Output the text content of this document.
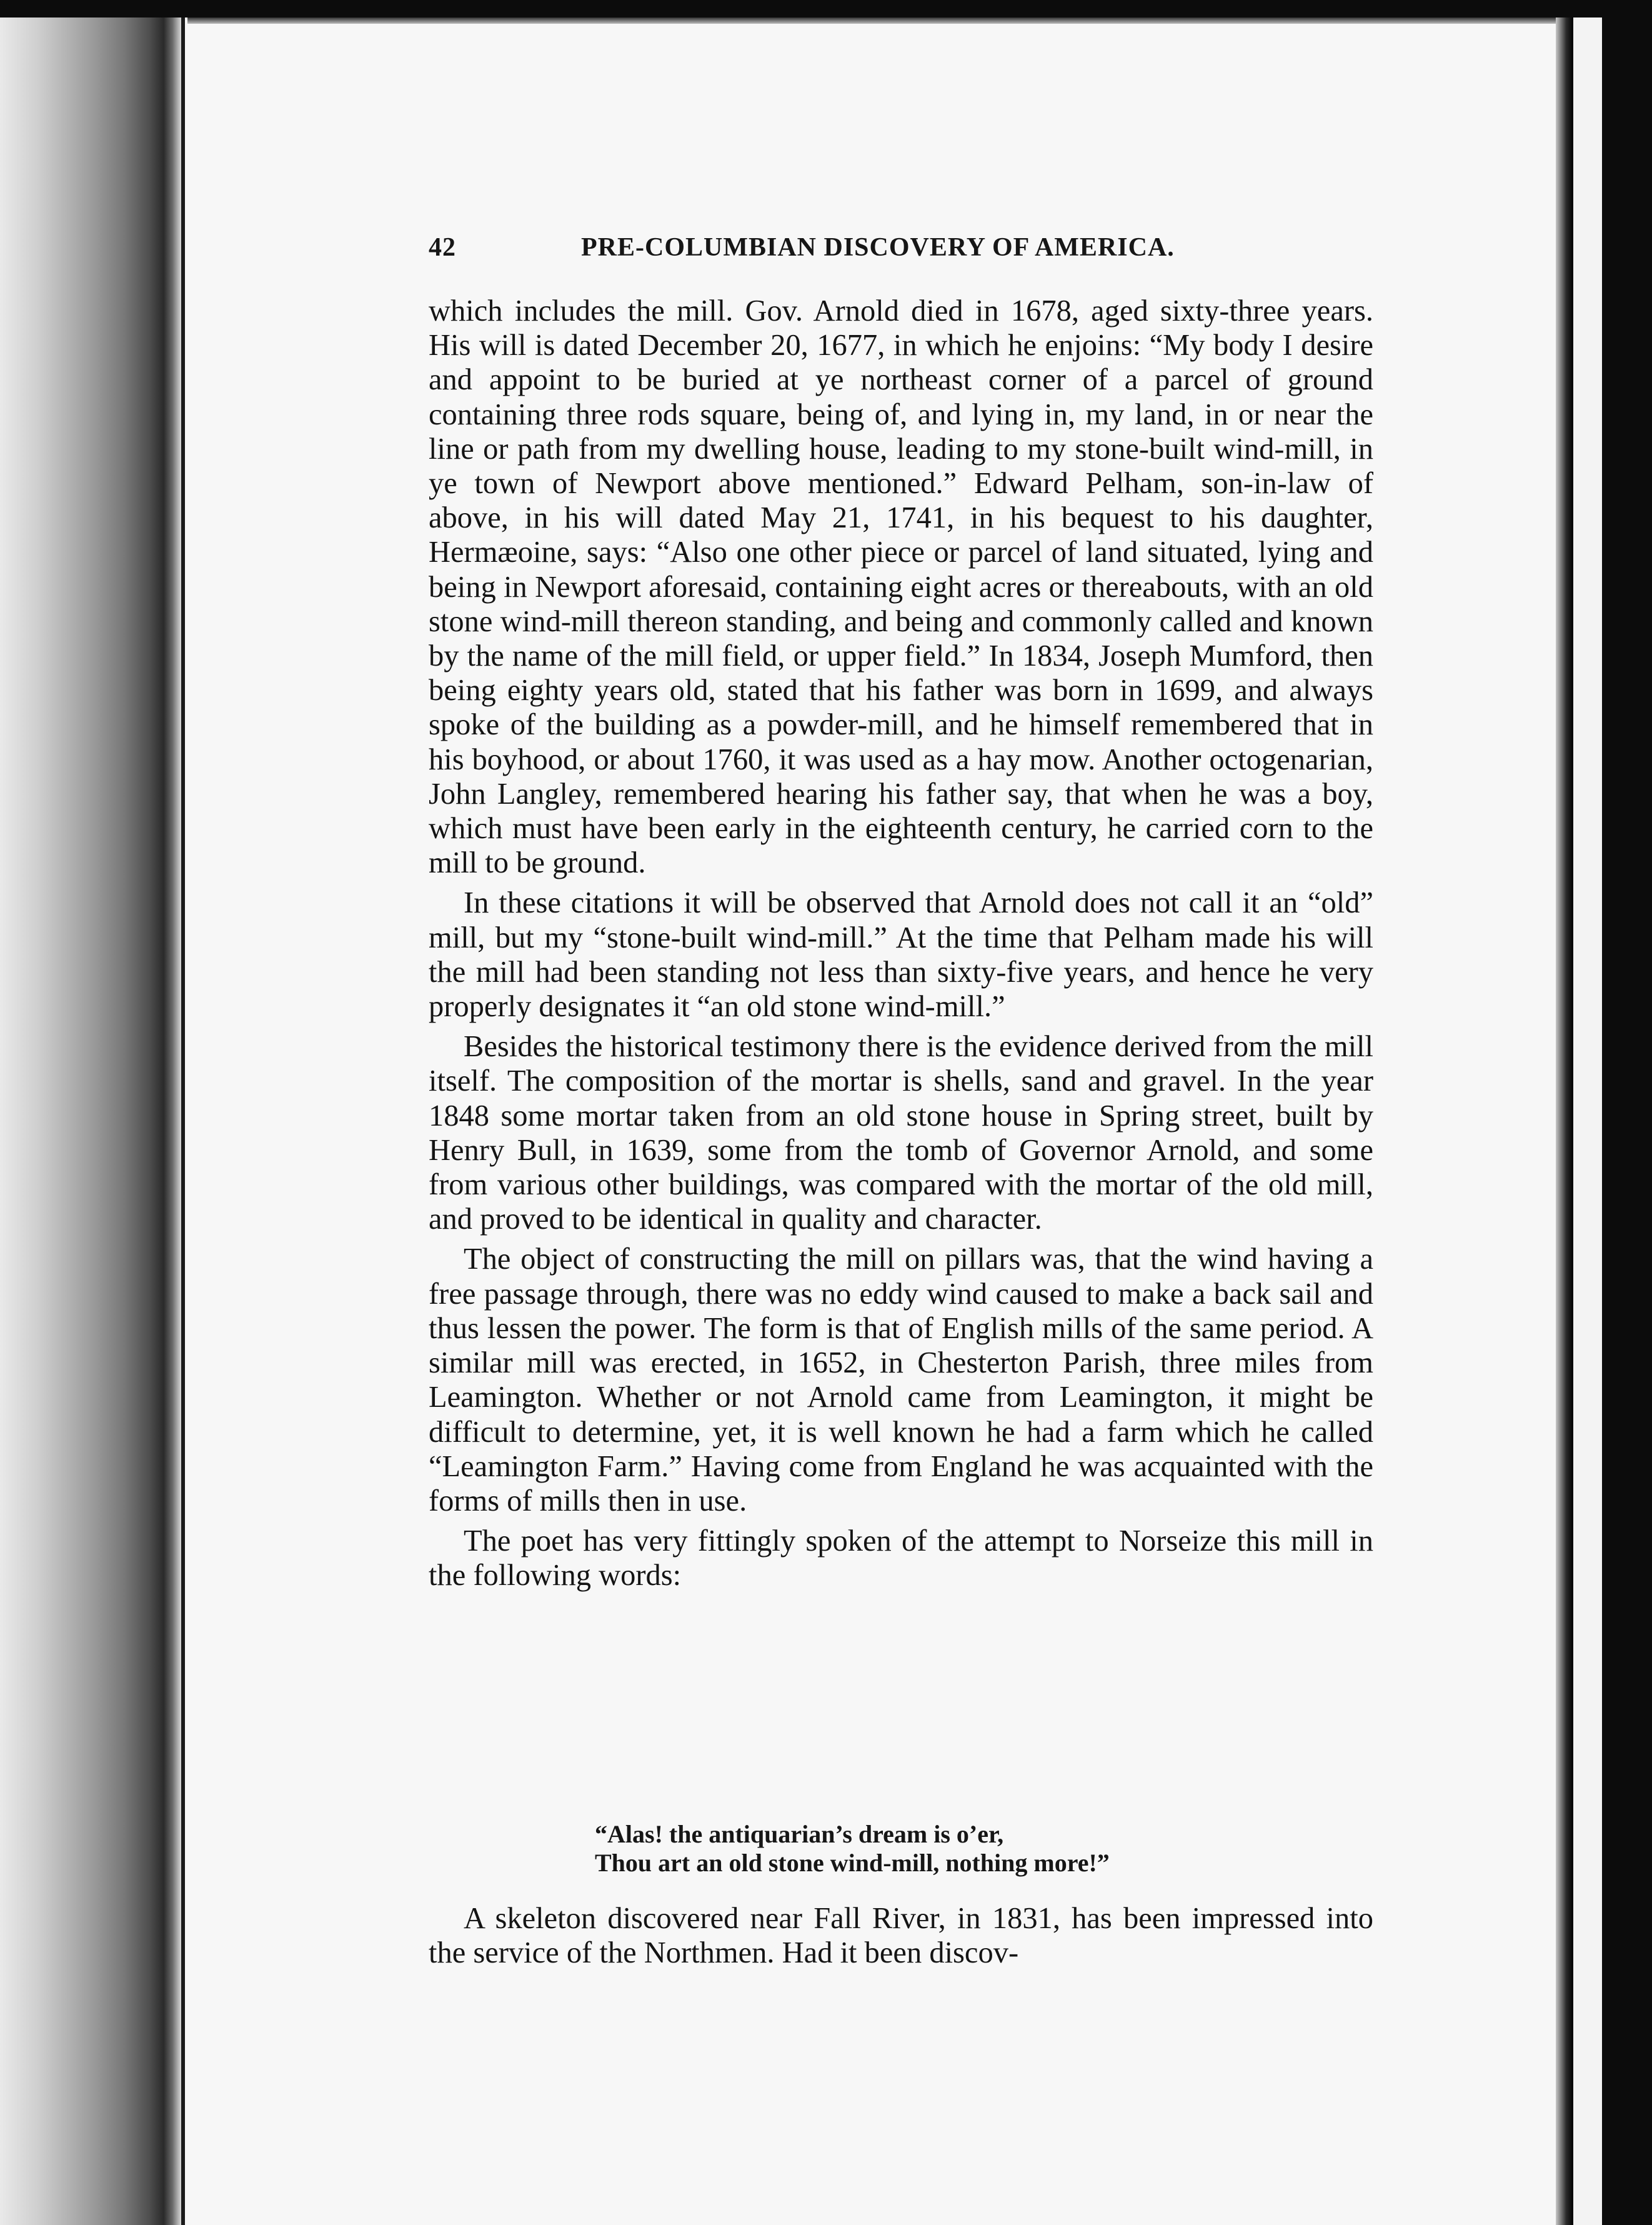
42	PRE-COLUMBIAN DISCOVERY OF AMERICA.

which includes the mill. Gov. Arnold died in 1678, aged sixty-three years. His will is dated December 20, 1677, in which he enjoins: “My body I desire and appoint to be buried at ye northeast corner of a parcel of ground containing three rods square, being of, and lying in, my land, in or near the line or path from my dwelling house, leading to my stone-built wind-mill, in ye town of Newport above mentioned.” Edward Pelham, son-in-law of above, in his will dated May 21, 1741, in his bequest to his daughter, Hermæoine, says: “Also one other piece or parcel of land situated, lying and being in Newport aforesaid, containing eight acres or thereabouts, with an old stone wind-mill thereon standing, and being and commonly called and known by the name of the mill field, or upper field.” In 1834, Joseph Mumford, then being eighty years old, stated that his father was born in 1699, and always spoke of the building as a powder-mill, and he himself remembered that in his boyhood, or about 1760, it was used as a hay mow. Another octogenarian, John Langley, remembered hearing his father say, that when he was a boy, which must have been early in the eighteenth century, he carried corn to the mill to be ground.

In these citations it will be observed that Arnold does not call it an “old” mill, but my “stone-built wind-mill.” At the time that Pelham made his will the mill had been standing not less than sixty-five years, and hence he very properly designates it “an old stone wind-mill.”

Besides the historical testimony there is the evidence derived from the mill itself. The composition of the mortar is shells, sand and gravel. In the year 1848 some mortar taken from an old stone house in Spring street, built by Henry Bull, in 1639, some from the tomb of Governor Arnold, and some from various other buildings, was compared with the mortar of the old mill, and proved to be identical in quality and character.

The object of constructing the mill on pillars was, that the wind having a free passage through, there was no eddy wind caused to make a back sail and thus lessen the power. The form is that of English mills of the same period. A similar mill was erected, in 1652, in Chesterton Parish, three miles from Leamington. Whether or not Arnold came from Leamington, it might be difficult to determine, yet, it is well known he had a farm which he called “Leamington Farm.” Having come from England he was acquainted with the forms of mills then in use.

The poet has very fittingly spoken of the attempt to Norseize this mill in the following words:

“Alas! the antiquarian’s dream is o’er,
Thou art an old stone wind-mill, nothing more!”

A skeleton discovered near Fall River, in 1831, has been impressed into the service of the Northmen. Had it been discov-
